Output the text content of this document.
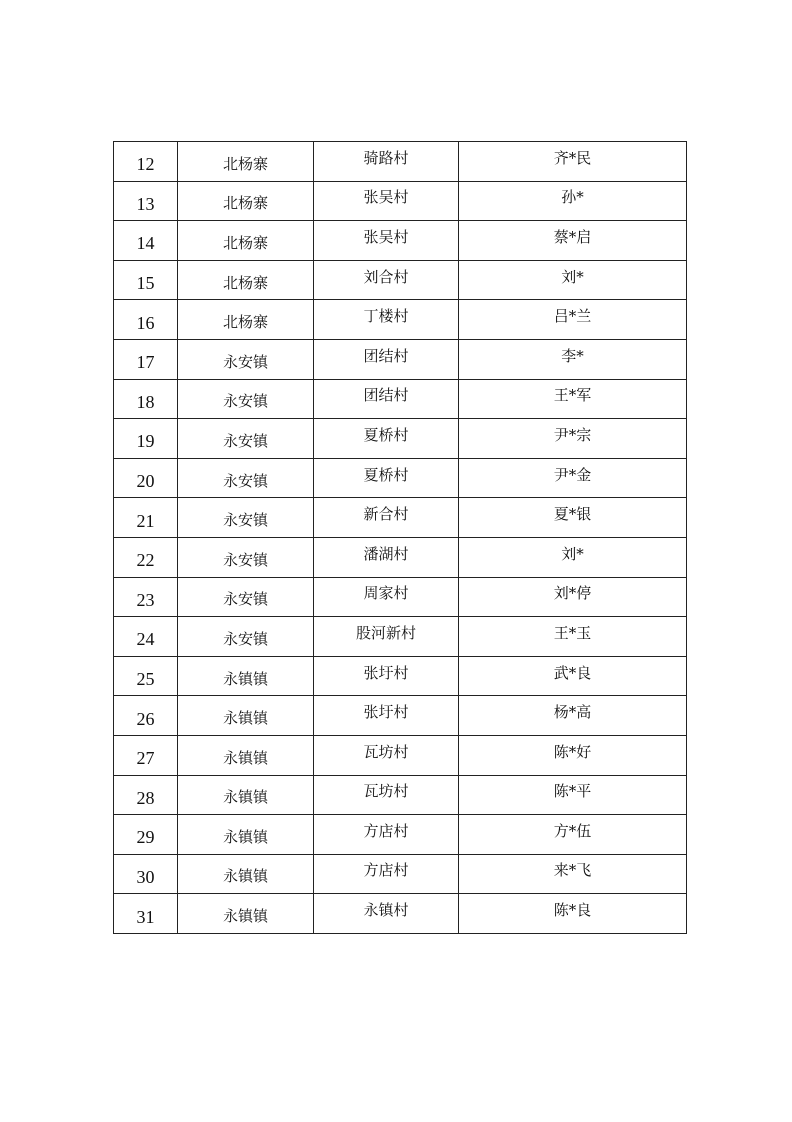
12	北杨寨	骑路村	齐*民
13	北杨寨	张吴村	孙*
14	北杨寨	张吴村	蔡*启
15	北杨寨	刘合村	刘*
16	北杨寨	丁楼村	吕*兰
17	永安镇	团结村	李*
18	永安镇	团结村	王*军
19	永安镇	夏桥村	尹*宗
20	永安镇	夏桥村	尹*金
21	永安镇	新合村	夏*银
22	永安镇	潘湖村	刘*
23	永安镇	周家村	刘*停
24	永安镇	股河新村	王*玉
25	永镇镇	张圩村	武*良
26	永镇镇	张圩村	杨*高
27	永镇镇	瓦坊村	陈*好
28	永镇镇	瓦坊村	陈*平
29	永镇镇	方店村	方*伍
30	永镇镇	方店村	来*飞
31	永镇镇	永镇村	陈*良
